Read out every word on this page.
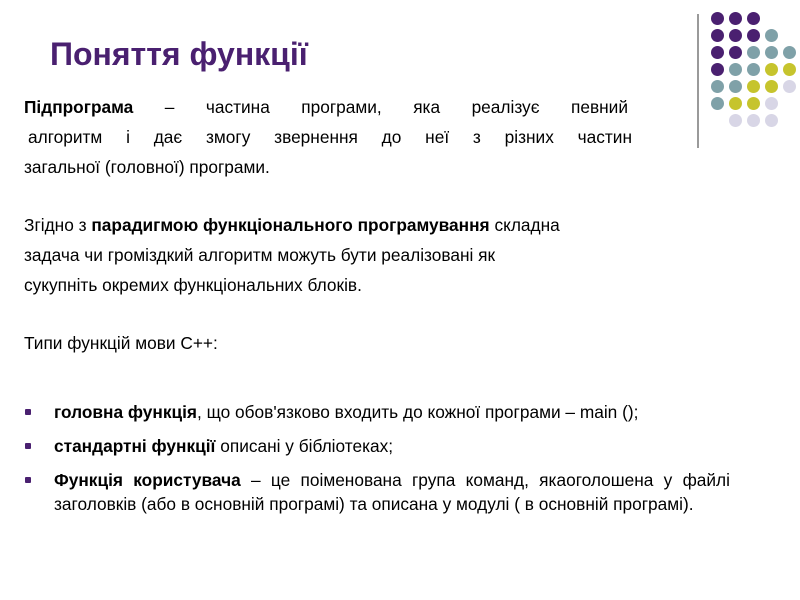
Поняття функції
Підпрограма – частина програми, яка реалізує певний
алгоритм і дає змогу звернення до неї з різних частин
загальної (головної) програми.
Згідно з парадигмою функціонального програмування складна
задача чи громіздкий алгоритм можуть бути реалізовані як
сукупніть окремих функціональних блоків.
Типи функцій мови С++:
головна функція, що обов'язково входить до кожної програми – main ();
стандартні функції описані у бібліотеках;
Функція користувача – це поіменована група команд, якаоголошена у файлі заголовків (або в основній програмі) та описана у модулі ( в основній програмі).
